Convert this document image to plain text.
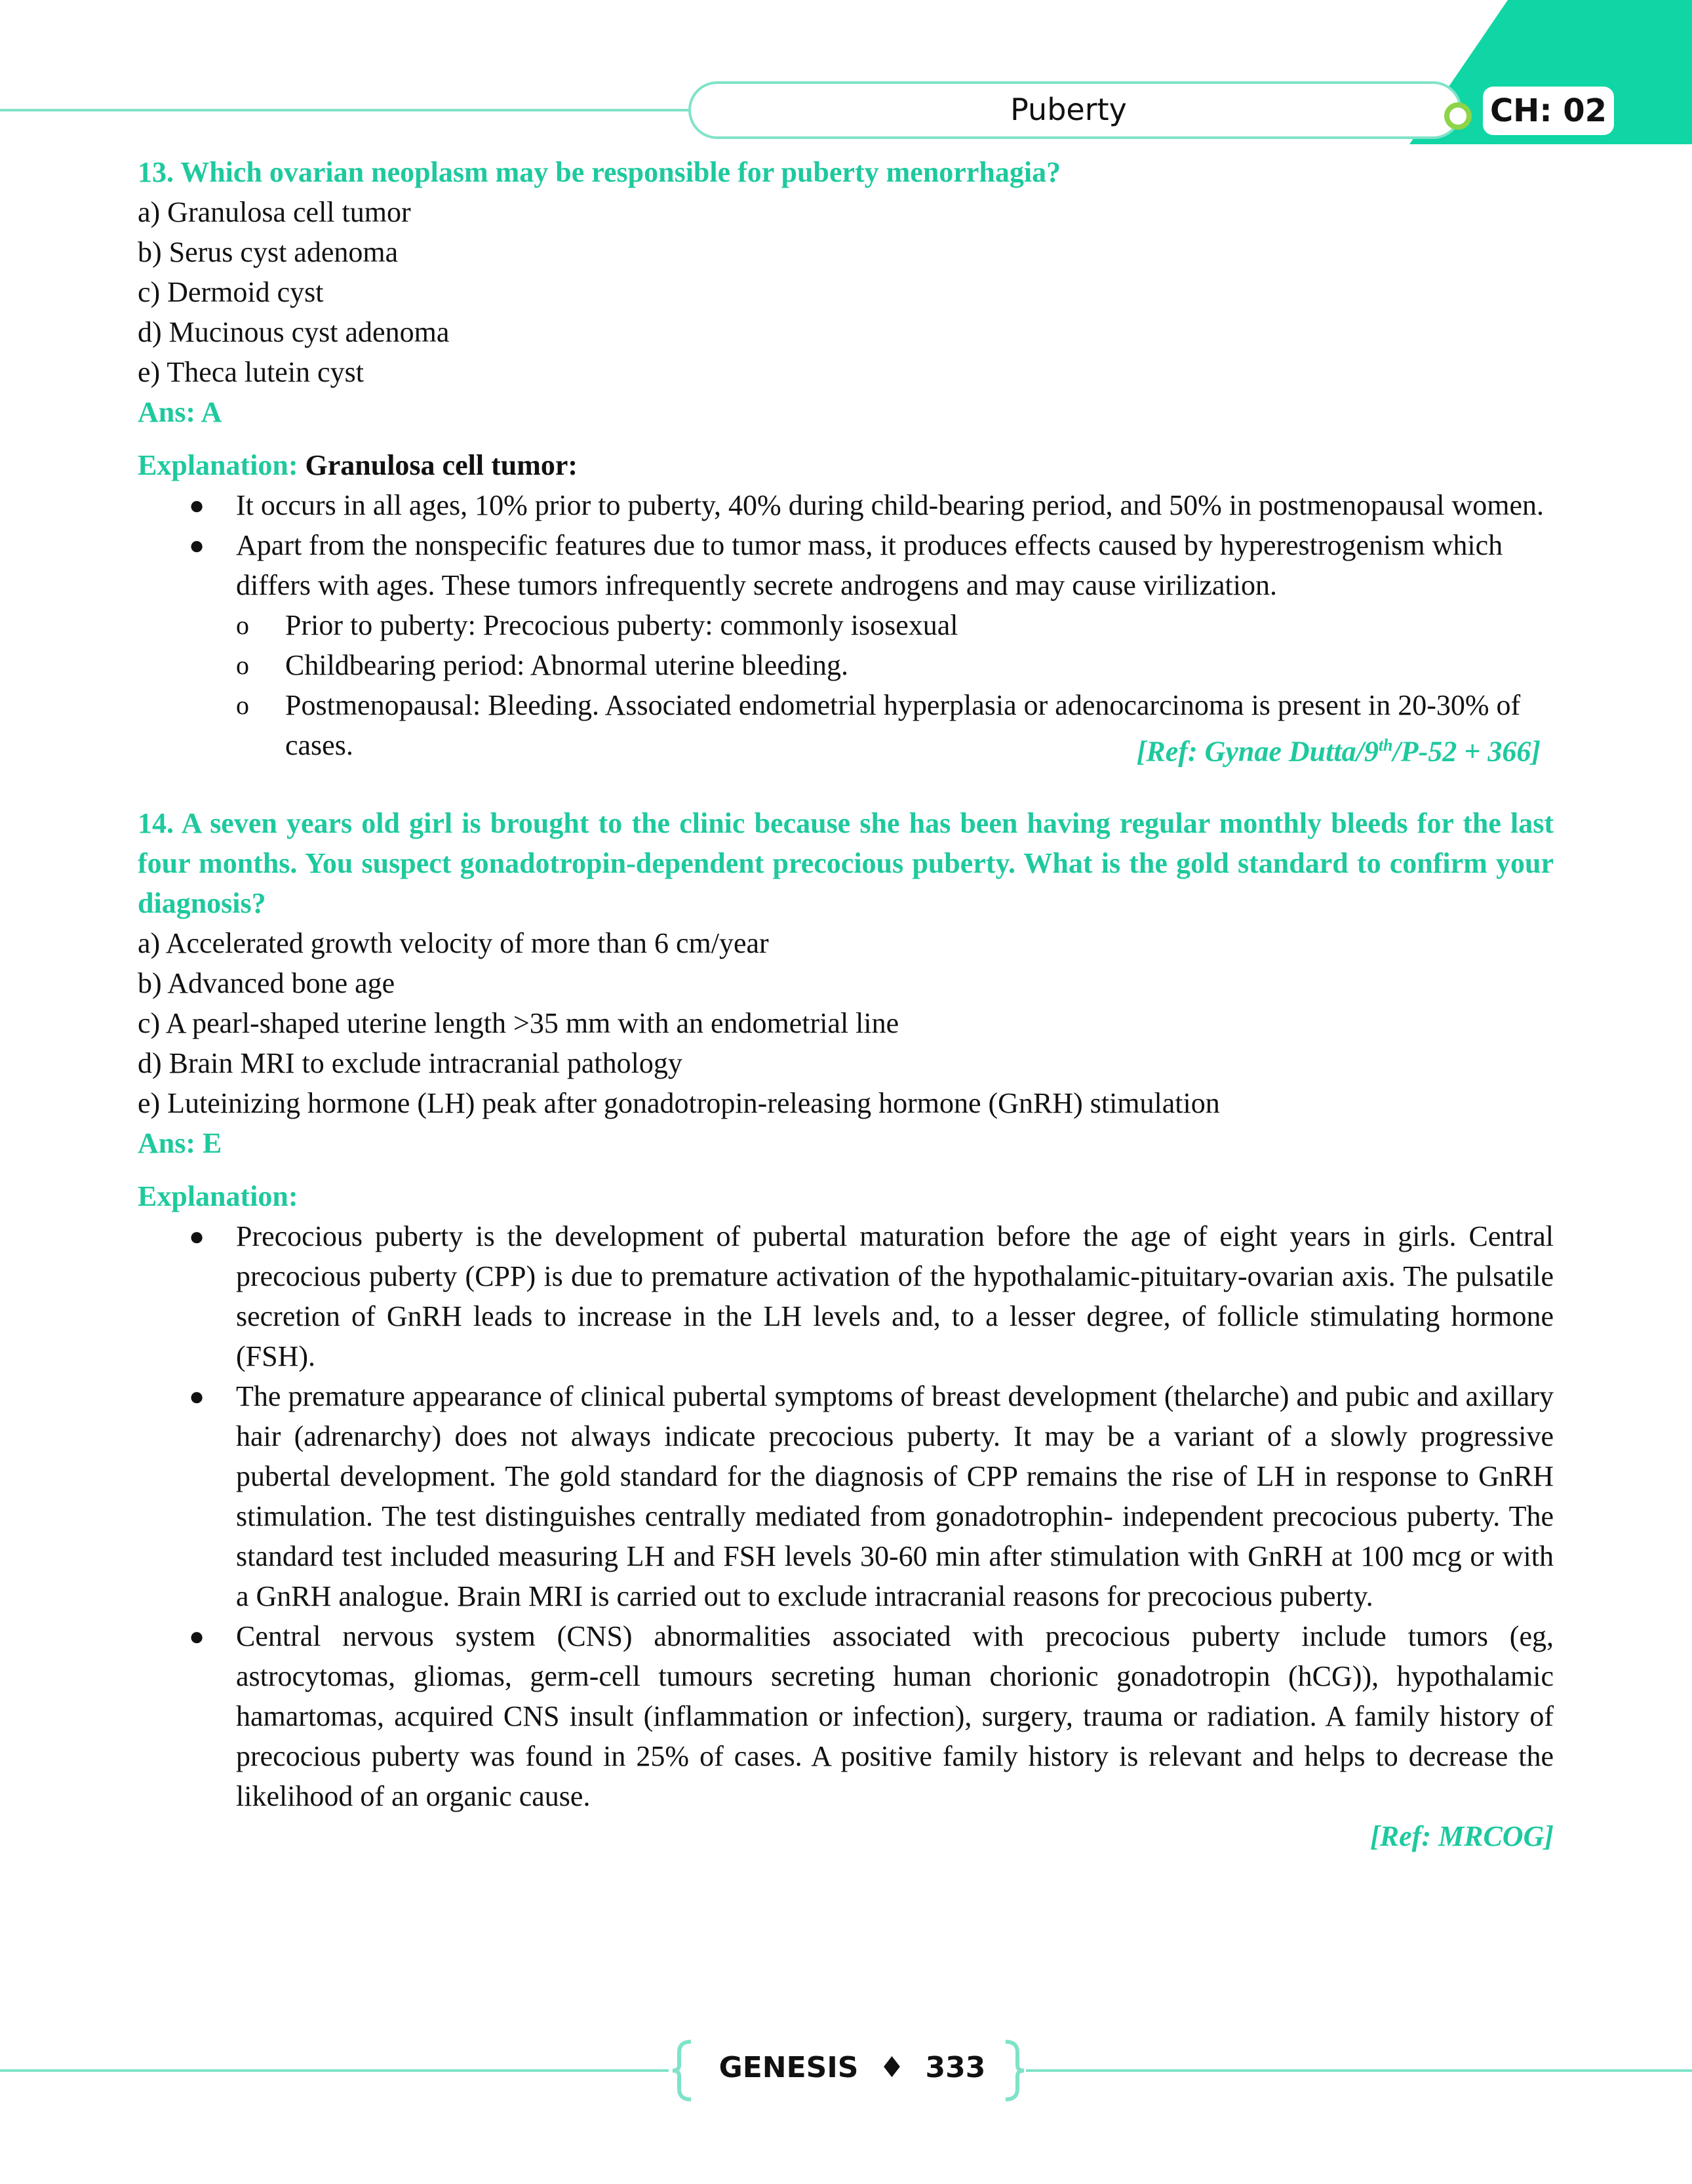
Puberty	CH: 02
13. Which ovarian neoplasm may be responsible for puberty menorrhagia?

a) Granulosa cell tumor

b) Serus cyst adenoma

c) Dermoid cyst

d) Mucinous cyst adenoma

e) Theca lutein cyst

Ans: A
Explanation: Granulosa cell tumor:
● It occurs in all ages, 10% prior to puberty, 40% during child-bearing period, and 50% in postmenopausal women.
● Apart from the nonspecific features due to tumor mass, it produces effects caused by hyperestrogenism which differs with ages. These tumors infrequently secrete androgens and may cause virilization.
o Prior to puberty: Precocious puberty: commonly isosexual
o Childbearing period: Abnormal uterine bleeding.
o Postmenopausal: Bleeding. Associated endometrial hyperplasia or adenocarcinoma is present in 20-30% of cases.	[Ref: Gynae Dutta/9th/P-52 + 366]
14. A seven years old girl is brought to the clinic because she has been having regular monthly bleeds for the last four months. You suspect gonadotropin-dependent precocious puberty. What is the gold standard to confirm your diagnosis?

a) Accelerated growth velocity of more than 6 cm/year

b) Advanced bone age

c) A pearl-shaped uterine length >35 mm with an endometrial line

d) Brain MRI to exclude intracranial pathology

e) Luteinizing hormone (LH) peak after gonadotropin-releasing hormone (GnRH) stimulation

Ans: E
Explanation:
● Precocious puberty is the development of pubertal maturation before the age of eight years in girls. Central precocious puberty (CPP) is due to premature activation of the hypothalamic-pituitary-ovarian axis. The pulsatile secretion of GnRH leads to increase in the LH levels and, to a lesser degree, of follicle stimulating hormone (FSH).
● The premature appearance of clinical pubertal symptoms of breast development (thelarche) and pubic and axillary hair (adrenarchy) does not always indicate precocious puberty. It may be a variant of a slowly progressive pubertal development. The gold standard for the diagnosis of CPP remains the rise of LH in response to GnRH stimulation. The test distinguishes centrally mediated from gonadotrophin- independent precocious puberty. The standard test included measuring LH and FSH levels 30-60 min after stimulation with GnRH at 100 mcg or with a GnRH analogue. Brain MRI is carried out to exclude intracranial reasons for precocious puberty.
● Central nervous system (CNS) abnormalities associated with precocious puberty include tumors (eg, astrocytomas, gliomas, germ-cell tumours secreting human chorionic gonadotropin (hCG)), hypothalamic hamartomas, acquired CNS insult (inflammation or infection), surgery, trauma or radiation. A family history of precocious puberty was found in 25% of cases. A positive family history is relevant and helps to decrease the likelihood of an organic cause.
[Ref: MRCOG]
GENESIS ♦ 333
